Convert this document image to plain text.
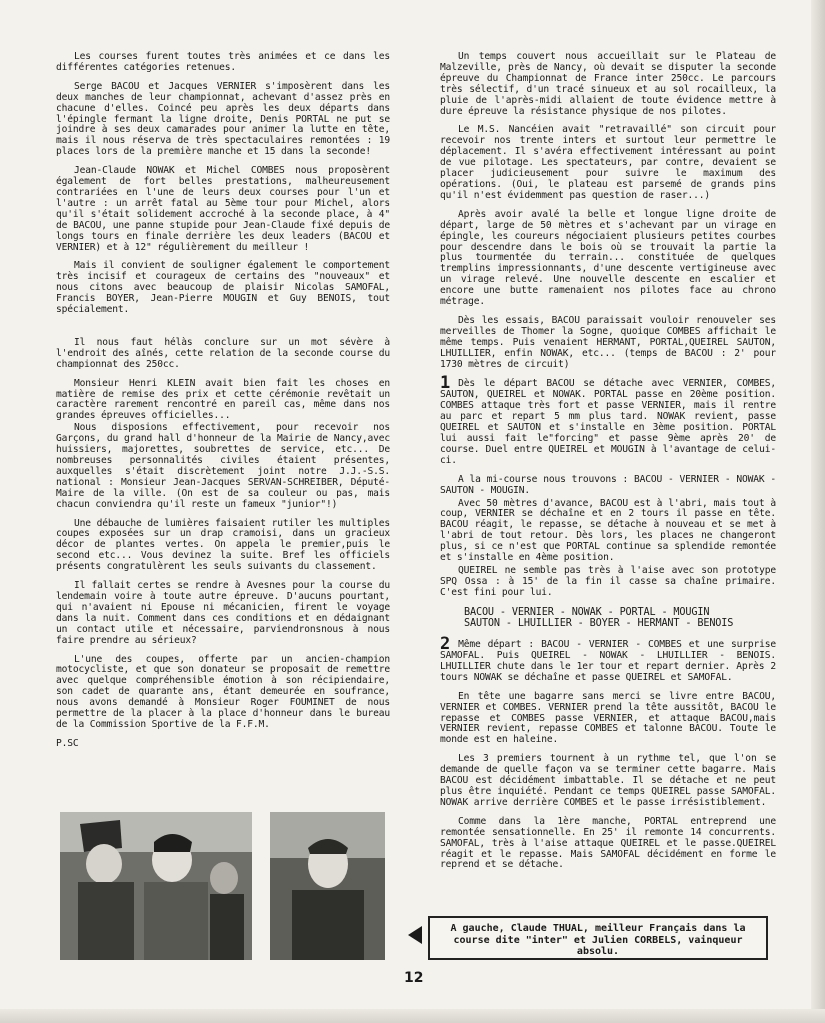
Les courses furent toutes très animées et ce dans les différentes catégories retenues.

Serge BACOU et Jacques VERNIER s'imposèrent dans les deux manches de leur championnat, achevant d'assez près en chacune d'elles. Coincé peu après les deux départs dans l'épingle fermant la ligne droite, Denis PORTAL ne put se joindre à ses deux camarades pour animer la lutte en tête, mais il nous réserva de très spectaculaires remontées : 19 places lors de la première manche et 15 dans la seconde!

Jean-Claude NOWAK et Michel COMBES nous proposèrent également de fort belles prestations, malheureusement contrariées en l'une de leurs deux courses pour l'un et l'autre : un arrêt fatal au 5ème tour pour Michel, alors qu'il s'était solidement accroché à la seconde place, à 4" de BACOU, une panne stupide pour Jean-Claude fixé depuis de longs tours en finale derrière les deux leaders (BACOU et VERNIER) et à 12" régulièrement du meilleur !

Mais il convient de souligner également le comportement très incisif et courageux de certains des "nouveaux" et nous citons avec beaucoup de plaisir Nicolas SAMOFAL, Francis BOYER, Jean-Pierre MOUGIN et Guy BENOIS, tout spécialement.

Il nous faut hélàs conclure sur un mot sévère à l'endroit des aînés, cette relation de la seconde course du championnat des 250cc.

Monsieur Henri KLEIN avait bien fait les choses en matière de remise des prix et cette cérémonie revêtait un caractère rarement rencontré en pareil cas, même dans nos grandes épreuves officielles...

Nous disposions effectivement, pour recevoir nos Garçons, du grand hall d'honneur de la Mairie de Nancy,avec huissiers, majorettes, soubrettes de service, etc... De nombreuses personnalités civiles étaient présentes, auxquelles s'était discrètement joint notre J.J.-S.S. national : Monsieur Jean-Jacques SERVAN-SCHREIBER, Député-Maire de la ville. (On est de sa couleur ou pas, mais chacun conviendra qu'il reste un fameux "junior"!)

Une débauche de lumières faisaient rutiler les multiples coupes exposées sur un drap cramoisi, dans un gracieux décor de plantes vertes. On appela le premier,puis le second etc... Vous devinez la suite. Bref les officiels présents congratulèrent les seuls suivants du classement.

Il fallait certes se rendre à Avesnes pour la course du lendemain voire à toute autre épreuve. D'aucuns pourtant, qui n'avaient ni Epouse ni mécanicien, firent le voyage dans la nuit. Comment dans ces conditions et en dédaignant un contact utile et nécessaire, parviendronsnous à nous faire prendre au sérieux?

L'une des coupes, offerte par un ancien-champion motocycliste, et que son donateur se proposait de remettre avec quelque compréhensible émotion à son récipiendaire, son cadet de quarante ans, étant demeurée en soufrance, nous avons demandé à Monsieur Roger FOUMINET de nous permettre de la placer à la place d'honneur dans le bureau de la Commission Sportive de la F.F.M.

P.SC

Un temps couvert nous accueillait sur le Plateau de Malzeville, près de Nancy, où devait se disputer la seconde épreuve du Championnat de France inter 250cc. Le parcours très sélectif, d'un tracé sinueux et au sol rocailleux, la pluie de l'après-midi allaient de toute évidence mettre à dure épreuve la résistance physique de nos pilotes.

Le M.S. Nancéien avait "retravaillé" son circuit pour recevoir nos trente inters et surtout leur permettre le déplacement. Il s'avéra effectivement intéressant au point de vue pilotage. Les spectateurs, par contre, devaient se placer judicieusement pour suivre le maximum des opérations. (Oui, le plateau est parsemé de grands pins qu'il n'est évidemment pas question de raser...)

Après avoir avalé la belle et longue ligne droite de départ, large de 50 mètres et s'achevant par un virage en épingle, les coureurs négociaient plusieurs petites courbes pour descendre dans le bois où se trouvait la partie la plus tourmentée du terrain... constituée de quelques tremplins impressionnants, d'une descente vertigineuse avec un virage relevé. Une nouvelle descente en escalier et encore une butte ramenaient nos pilotes face au chrono métrage.

Dès les essais, BACOU paraissait vouloir renouveler ses merveilles de Thomer la Sogne, quoique COMBES affichait le même temps. Puis venaient HERMANT, PORTAL,QUEIREL SAUTON, LHUILLIER, enfin NOWAK, etc... (temps de BACOU : 2' pour 1730 mètres de circuit)

1 Dès le départ BACOU se détache avec VERNIER, COMBES, SAUTON, QUEIREL et NOWAK. PORTAL passe en 20ème position. COMBES attaque très fort et passe VERNIER, mais il rentre au parc et repart 5 mm plus tard. NOWAK revient, passe QUEIREL et SAUTON et s'installe en 3ème position. PORTAL lui aussi fait le"forcing" et passe 9ème après 20' de course. Duel entre QUEIREL et MOUGIN à l'avantage de celui-ci.

A la mi-course nous trouvons : BACOU - VERNIER - NOWAK - SAUTON - MOUGIN.

Avec 50 mètres d'avance, BACOU est à l'abri, mais tout à coup, VERNIER se déchaîne et en 2 tours il passe en tête. BACOU réagit, le repasse, se détache à nouveau et se met à l'abri de tout retour. Dès lors, les places ne changeront plus, si ce n'est que PORTAL continue sa splendide remontée et s'installe en 4ème position.

QUEIREL ne semble pas très à l'aise avec son prototype SPQ Ossa : à 15' de la fin il casse sa chaîne primaire. C'est fini pour lui.

BACOU - VERNIER - NOWAK - PORTAL - MOUGIN
SAUTON - LHUILLIER - BOYER - HERMANT - BENOIS

2 Même départ : BACOU - VERNIER - COMBES et une surprise SAMOFAL. Puis QUEIREL - NOWAK - LHUILLIER - BENOIS. LHUILLIER chute dans le 1er tour et repart dernier. Après 2 tours NOWAK se déchaîne et passe QUEIREL et SAMOFAL.

En tête une bagarre sans merci se livre entre BACOU, VERNIER et COMBES. VERNIER prend la tête aussitôt, BACOU le repasse et COMBES passe VERNIER, et attaque BACOU,mais VERNIER revient, repasse COMBES et talonne BACOU. Toute le monde est en haleine.

Les 3 premiers tournent à un rythme tel, que l'on se demande de quelle façon va se terminer cette bagarre. Mais BACOU est décidément imbattable. Il se détache et ne peut plus être inquiété. Pendant ce temps QUEIREL passe SAMOFAL. NOWAK arrive derrière COMBES et le passe irrésistiblement.

Comme dans la 1ère manche, PORTAL entreprend une remontée sensationnelle. En 25' il remonte 14 concurrents. SAMOFAL, très à l'aise attaque QUEIREL et le passe.QUEIREL réagit et le repasse. Mais SAMOFAL décidément en forme le reprend et se détache.

A gauche, Claude THUAL, meilleur Français dans la course dite "inter" et Julien CORBELS, vainqueur absolu.
12
